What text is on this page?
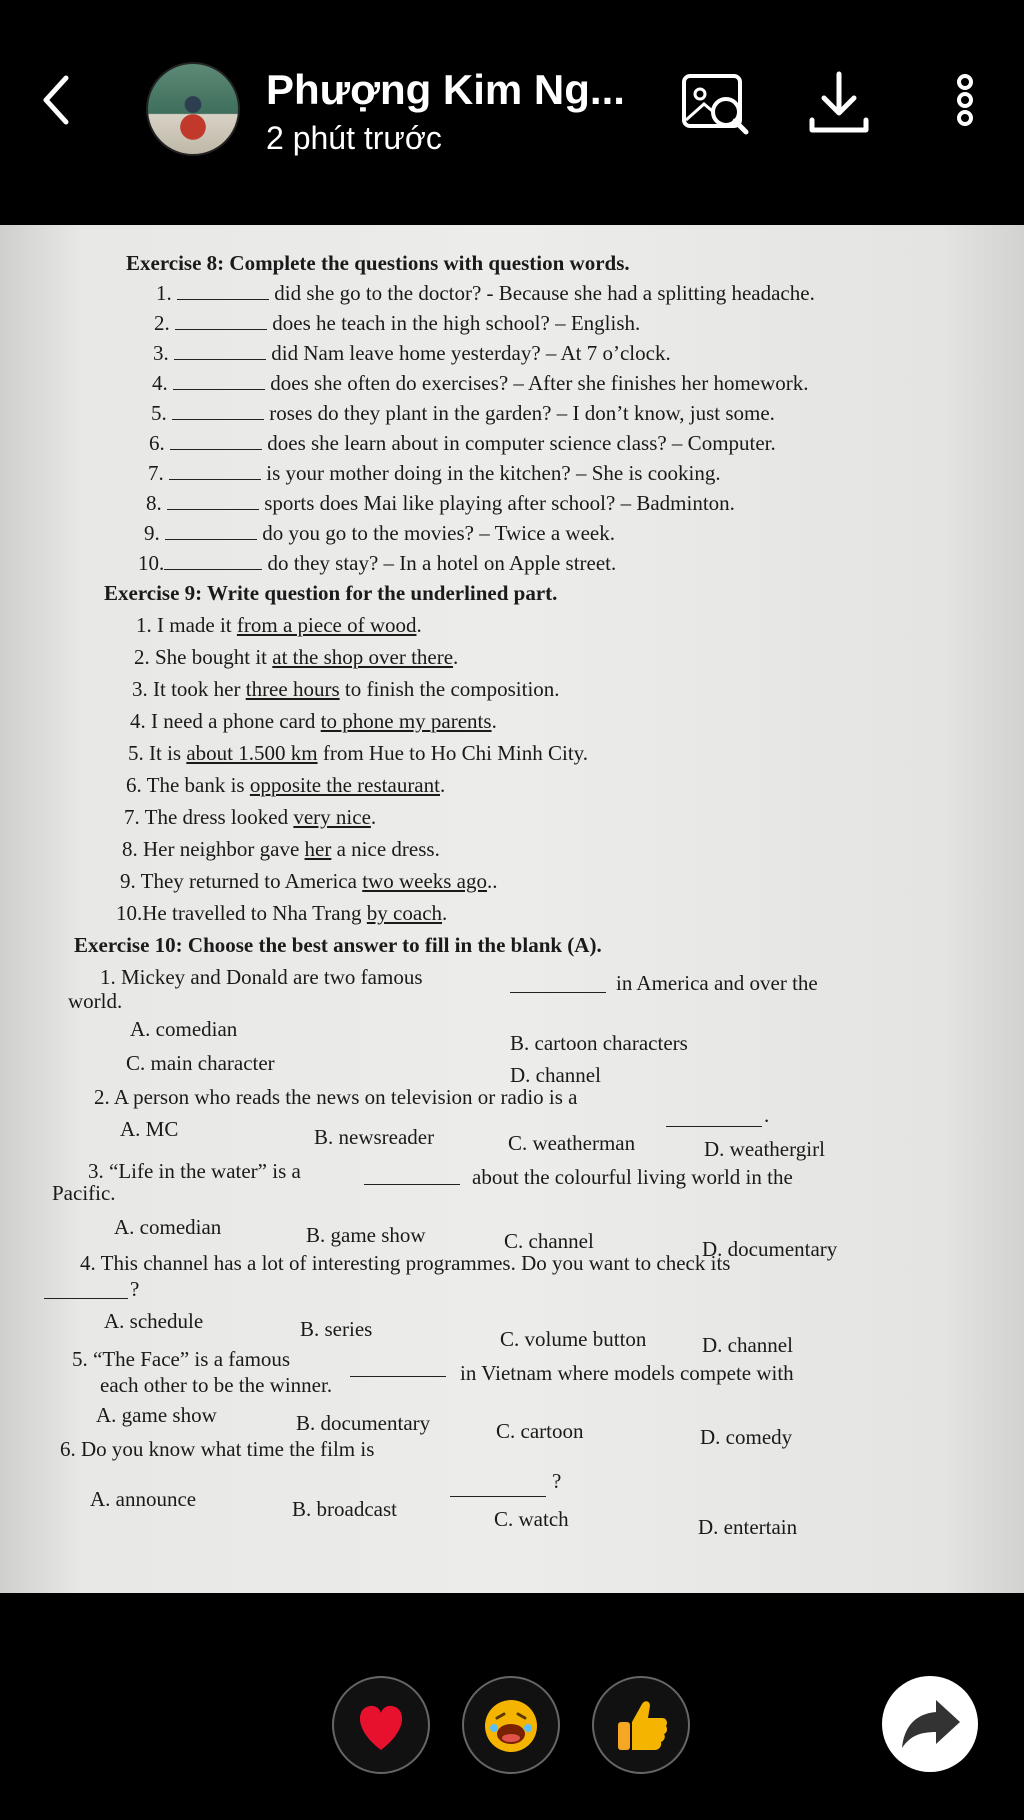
Phượng Kim Ng...
2 phút trước
Exercise 8: Complete the questions with question words.
1.	did she go to the doctor? - Because she had a splitting headache.
2.	does he teach in the high school? – English.
3.	did Nam leave home yesterday? – At 7 o’clock.
4.	does she often do exercises? – After she finishes her homework.
5.	roses do they plant in the garden? – I don’t know, just some.
6.	does she learn about in computer science class? – Computer.
7.	is your mother doing in the kitchen? – She is cooking.
8.	sports does Mai like playing after school? – Badminton.
9.	do you go to the movies? – Twice a week.
10.	do they stay? – In a hotel on Apple street.
Exercise 9: Write question for the underlined part.
1. I made it from a piece of wood.
2. She bought it at the shop over there.
3. It took her three hours to finish the composition.
4. I need a phone card to phone my parents.
5. It is about 1.500 km from Hue to Ho Chi Minh City.
6. The bank is opposite the restaurant.
7. The dress looked very nice.
8. Her neighbor gave her a nice dress.
9. They returned to America two weeks ago..
10.He travelled to Nha Trang by coach.
Exercise 10: Choose the best answer to fill in the blank (A).
1. Mickey and Donald are two famous	in America and over the
world.
A. comedian
B. cartoon characters
C. main character	D. channel
2. A person who reads the news on television or radio is a
.
A. MC	B. newsreader	C. weatherman	D. weathergirl
3. “Life in the water” is a	about the colourful living world in the
Pacific.
A. comedian	B. game show	C. channel	D. documentary
4. This channel has a lot of interesting programmes. Do you want to check its
?
A. schedule	B. series	C. volume button	D. channel
5. “The Face” is a famous
in Vietnam where models compete with
each other to be the winner.
A. game show	B. documentary	C. cartoon	D. comedy
6. Do you know what time the film is
?
A. announce	B. broadcast	C. watch	D. entertain
